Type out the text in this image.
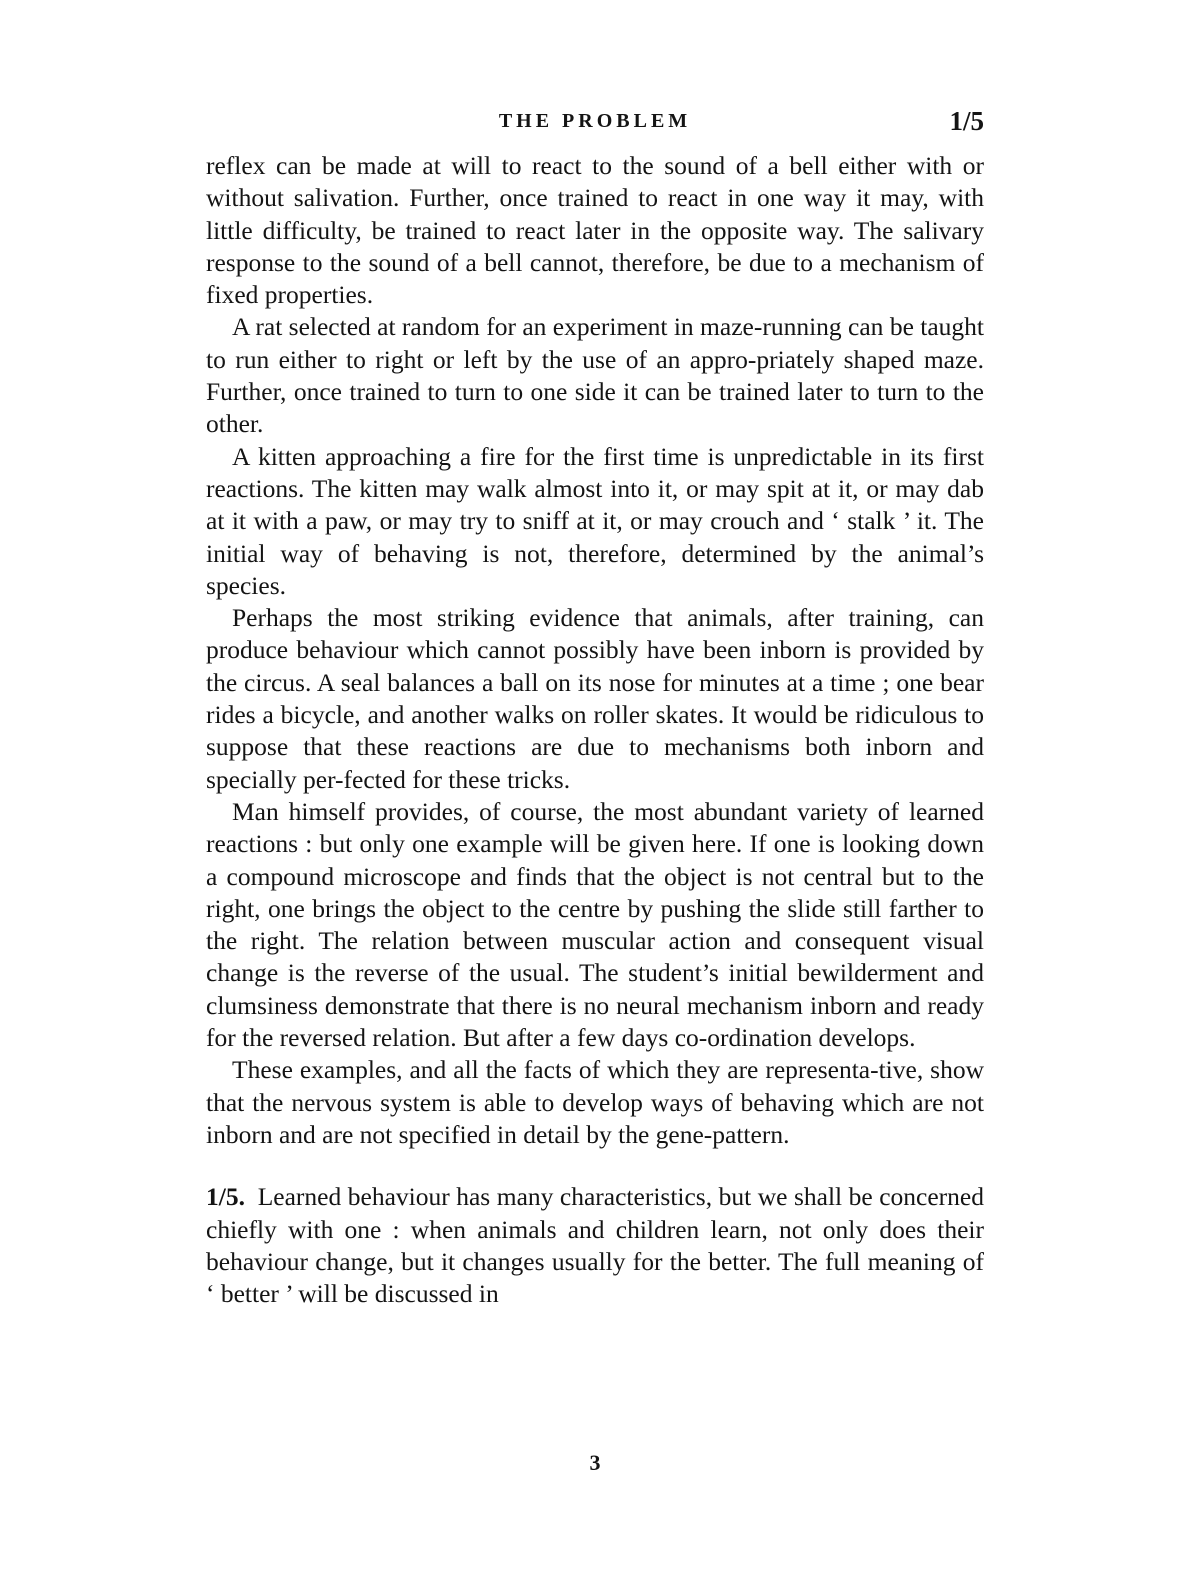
THE PROBLEM	1/5

reflex can be made at will to react to the sound of a bell either with or without salivation. Further, once trained to react in one way it may, with little difficulty, be trained to react later in the opposite way. The salivary response to the sound of a bell cannot, therefore, be due to a mechanism of fixed properties.

A rat selected at random for an experiment in maze-running can be taught to run either to right or left by the use of an appro-priately shaped maze. Further, once trained to turn to one side it can be trained later to turn to the other.

A kitten approaching a fire for the first time is unpredictable in its first reactions. The kitten may walk almost into it, or may spit at it, or may dab at it with a paw, or may try to sniff at it, or may crouch and ‘ stalk ’ it. The initial way of behaving is not, therefore, determined by the animal’s species.

Perhaps the most striking evidence that animals, after training, can produce behaviour which cannot possibly have been inborn is provided by the circus. A seal balances a ball on its nose for minutes at a time ; one bear rides a bicycle, and another walks on roller skates. It would be ridiculous to suppose that these reactions are due to mechanisms both inborn and specially per-fected for these tricks.

Man himself provides, of course, the most abundant variety of learned reactions : but only one example will be given here. If one is looking down a compound microscope and finds that the object is not central but to the right, one brings the object to the centre by pushing the slide still farther to the right. The relation between muscular action and consequent visual change is the reverse of the usual. The student’s initial bewilderment and clumsiness demonstrate that there is no neural mechanism inborn and ready for the reversed relation. But after a few days co-ordination develops.

These examples, and all the facts of which they are representa-tive, show that the nervous system is able to develop ways of behaving which are not inborn and are not specified in detail by the gene-pattern.

1/5.  Learned behaviour has many characteristics, but we shall be concerned chiefly with one : when animals and children learn, not only does their behaviour change, but it changes usually for the better. The full meaning of ‘ better ’ will be discussed in

3
